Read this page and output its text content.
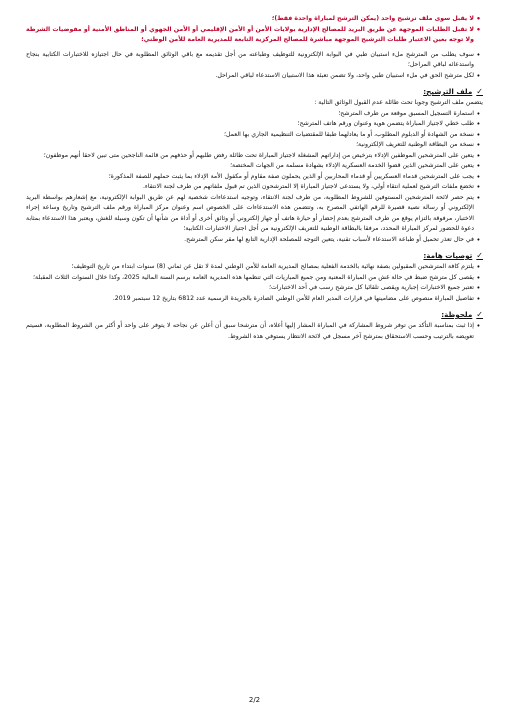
•

لا يقبل سوى ملف ترشيح واحد (يمكن الترشح لمباراة واحدة فقط)؛

•

لا تقبل الطلبات الموجهة عن طريق البريد للمصالح الإدارية بولايات الأمن أو الأمن الإقليمي أو الأمن الجهوي أو المناطق الأمنية أو مفوضيات الشرطة ولا توجه بعين الاعتبار طلبات الترشيح الموجهة مباشرة للمصالح المركزية التابعة للمديرية العامة للأمن الوطني؛

•

سوف يطلب من المترشح ملء استبيان طبي في البوابة الإلكترونية للتوظيف وطباعته من أجل تقديمه مع باقي الوثائق المطلوبة في حال اجتيازه للاختبارات الكتابية بنجاح واستدعائه لباقي المراحل؛

•

لكل مترشح الحق في ملء استبيان طبي واحد، ولا تضمن تعبئة هذا الاستبيان الاستدعاء لباقي المراحل.

✓
ملف الترشيح:

يتضمن ملف الترشيح وجوبا تحت طائلة عدم القبول الوثائق التالية :

•

استمارة التسجيل المسبق موقعة من طرف المترشح؛

•

طلب خطي لاجتياز المباراة يتضمن هوية وعنوان ورقم هاتف المترشح؛

•

نسخة من الشهادة أو الدبلوم المطلوب، أو ما يعادلهما طبقا للمقتضيات التنظيمية الجاري بها العمل؛

•

نسخة من البطاقة الوطنية للتعريف الإلكترونية؛

•

يتعين على المترشحين الموظفين الإدلاء بترخيص من إداراتهم المشغلة لاجتياز المباراة تحت طائلة رفض طلبهم أو حذفهم من قائمة الناجحين متى تبين لاحقا أنهم موظفون؛

•

يتعين على المترشحين الذين قضوا الخدمة العسكرية الإدلاء بشهادة مسلمة من الجهات المختصة؛

•

يجب على المترشحين قدماء العسكريين أو قدماء المحاربين أو الذين يحملون صفة مقاوم أو مكفول الأمة الإدلاء بما يثبت حملهم للصفة المذكورة؛

•

تخضع ملفات الترشيح لعملية انتقاء أولي، ولا يستدعى لاجتياز المباراة إلا المترشحون الذين تم قبول ملفاتهم من طرف لجنة الانتقاء.

•

يتم حصر لائحة المترشحين المستوفين للشروط المطلوبة، من طرف لجنة الانتقاء، وتوجيه استدعاءات شخصية لهم عن طريق البوابة الإلكترونية، مع إشعارهم بواسطة البريد الإلكتروني أو رسالة نصية قصيرة للرقم الهاتفي المصرح به، وتتضمن هذه الاستدعاءات على الخصوص اسم وعنوان مركز المباراة ورقم ملف الترشيح وتاريخ وساعة إجراء الاختبار، مرفوقة بالتزام يوقع من طرف المترشح بعدم إحضار أو حيازة هاتف أو جهاز إلكتروني أو وثائق أخرى أو أداة من شأنها أن تكون وسيلة للغش، ويعتبر هذا الاستدعاء بمثابة دعوة للحضور لمركز المباراة المحدد، مرفقا بالبطاقة الوطنية للتعريف الإلكترونية من أجل اجتياز الاختبارات الكتابية؛

•

في حال تعذر تحميل أو طباعة الاستدعاء لأسباب تقنية، يتعين التوجه للمصلحة الإدارية التابع لها مقر سكن المترشح.

✓
توصيات هامة:
•

يلتزم كافة المترشحين المقبولين بصفة نهائية بالخدمة الفعلية بمصالح المديرية العامة للأمن الوطني لمدة لا تقل عن ثماني (8) سنوات ابتداء من تاريخ التوظيف؛

•

يقصى كل مترشح ضبط في حالة غش من المباراة المعنية ومن جميع المباريات التي تنظمها هذه المديرية العامة برسم السنة المالية 2025، وكذا خلال السنوات الثلاث المقبلة؛

•

تعتبر جميع الاختبارات إجبارية ويقصى تلقائيا كل مترشح رسب في أحد الاختبارات؛

•

تفاصيل المباراة منصوص على مضامينها في قرارات المدير العام للأمن الوطني الصادرة بالجريدة الرسمية عدد 6812 بتاريخ 12 سبتمبر 2019.

✓
ملحوظة:
•

إذا ثبت بمناسبة التأكد من توفر شروط المشاركة في المباراة المشار إليها أعلاه، أن مترشحا سبق أن أعلن عن نجاحه لا يتوفر على واحد أو أكثر من الشروط المطلوبة، فسيتم تعويضه بالترتيب وحسب الاستحقاق بمترشح آخر مسجل في لائحة الانتظار يستوفي هذه الشروط.

2/2
